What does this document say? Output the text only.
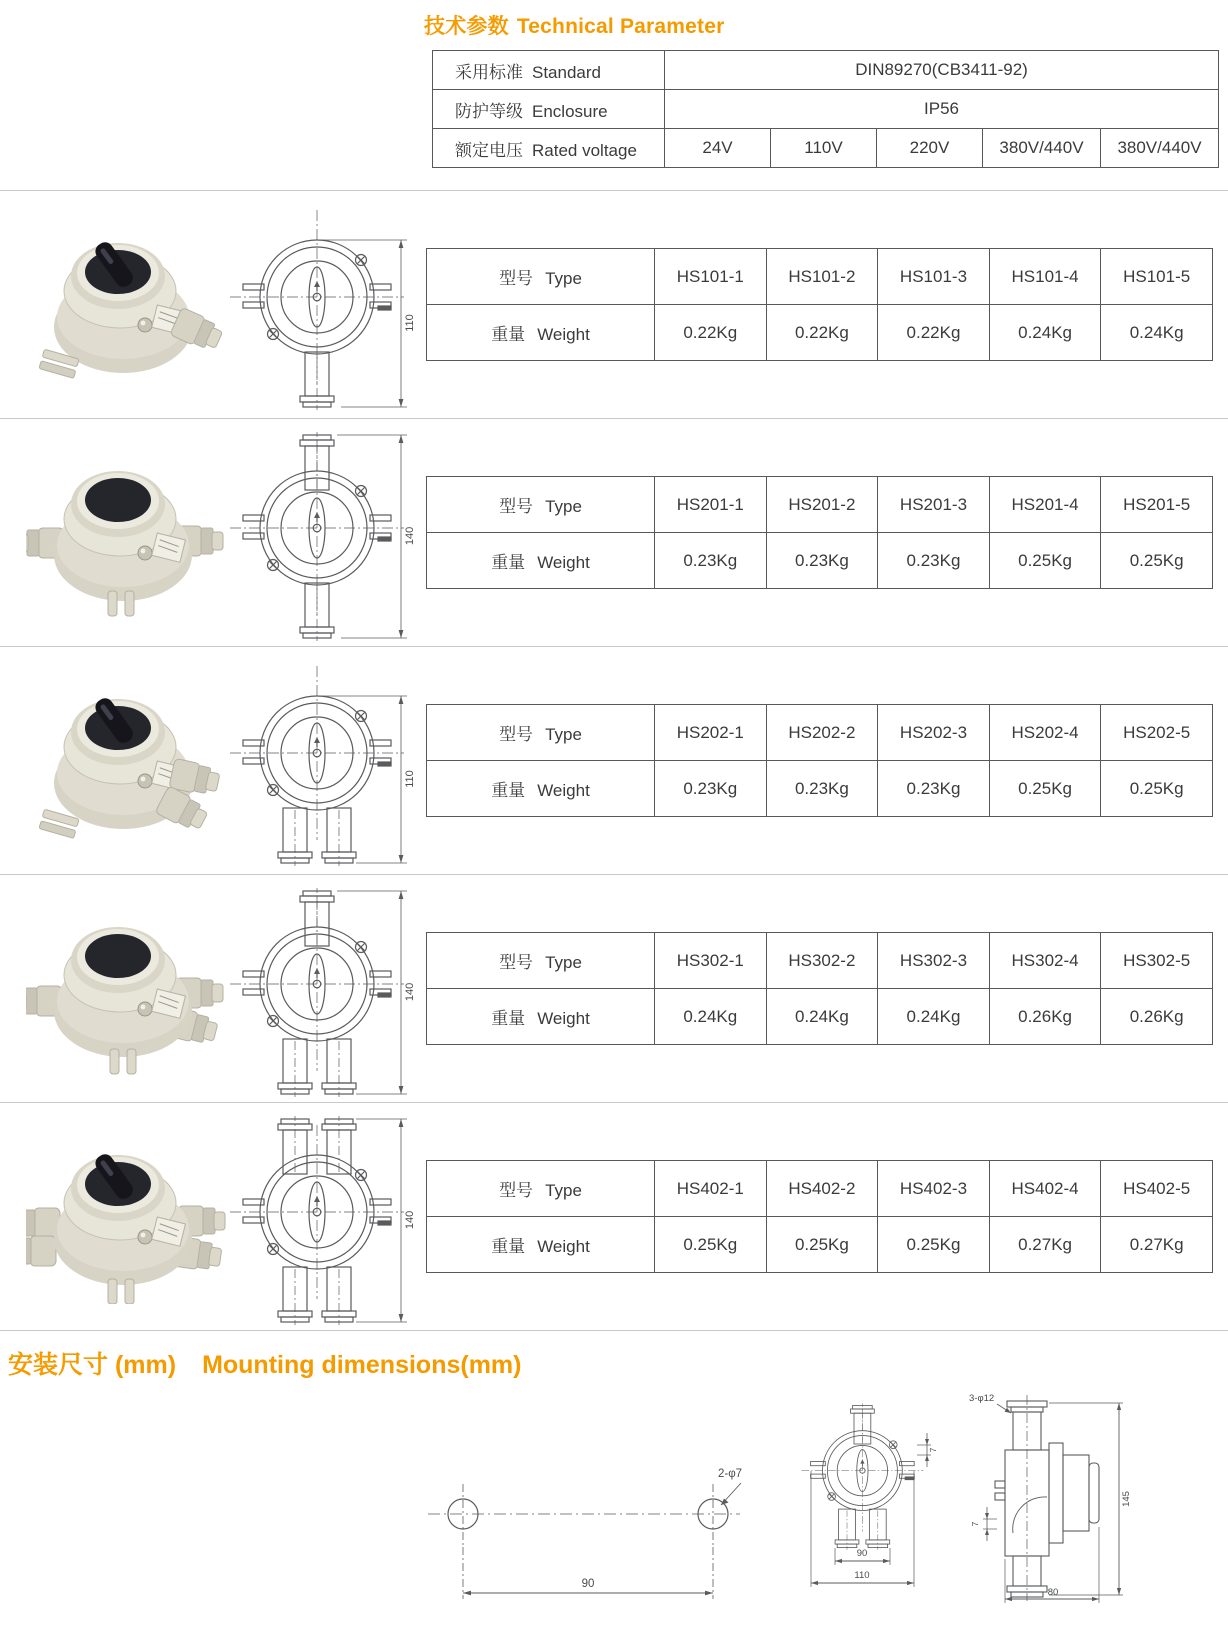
技术参数 Technical Parameter
采用标准 Standard	DIN89270(CB3411-92)				
防护等级 Enclosure	IP56				
额定电压 Rated voltage	24V	110V	220V	380V/440V	380V/440V
110
型号 Type	HS101-1	HS101-2	HS101-3	HS101-4	HS101-5
重量 Weight	0.22Kg	0.22Kg	0.22Kg	0.24Kg	0.24Kg
140
型号 Type	HS201-1	HS201-2	HS201-3	HS201-4	HS201-5
重量 Weight	0.23Kg	0.23Kg	0.23Kg	0.25Kg	0.25Kg
110
型号 Type	HS202-1	HS202-2	HS202-3	HS202-4	HS202-5
重量 Weight	0.23Kg	0.23Kg	0.23Kg	0.25Kg	0.25Kg
140
型号 Type	HS302-1	HS302-2	HS302-3	HS302-4	HS302-5
重量 Weight	0.24Kg	0.24Kg	0.24Kg	0.26Kg	0.26Kg
140
型号 Type	HS402-1	HS402-2	HS402-3	HS402-4	HS402-5
重量 Weight	0.25Kg	0.25Kg	0.25Kg	0.27Kg	0.27Kg
安装尺寸 (mm) Mounting dimensions(mm)
2-φ7
90
90
110
7
3-φ12
145
80
7
